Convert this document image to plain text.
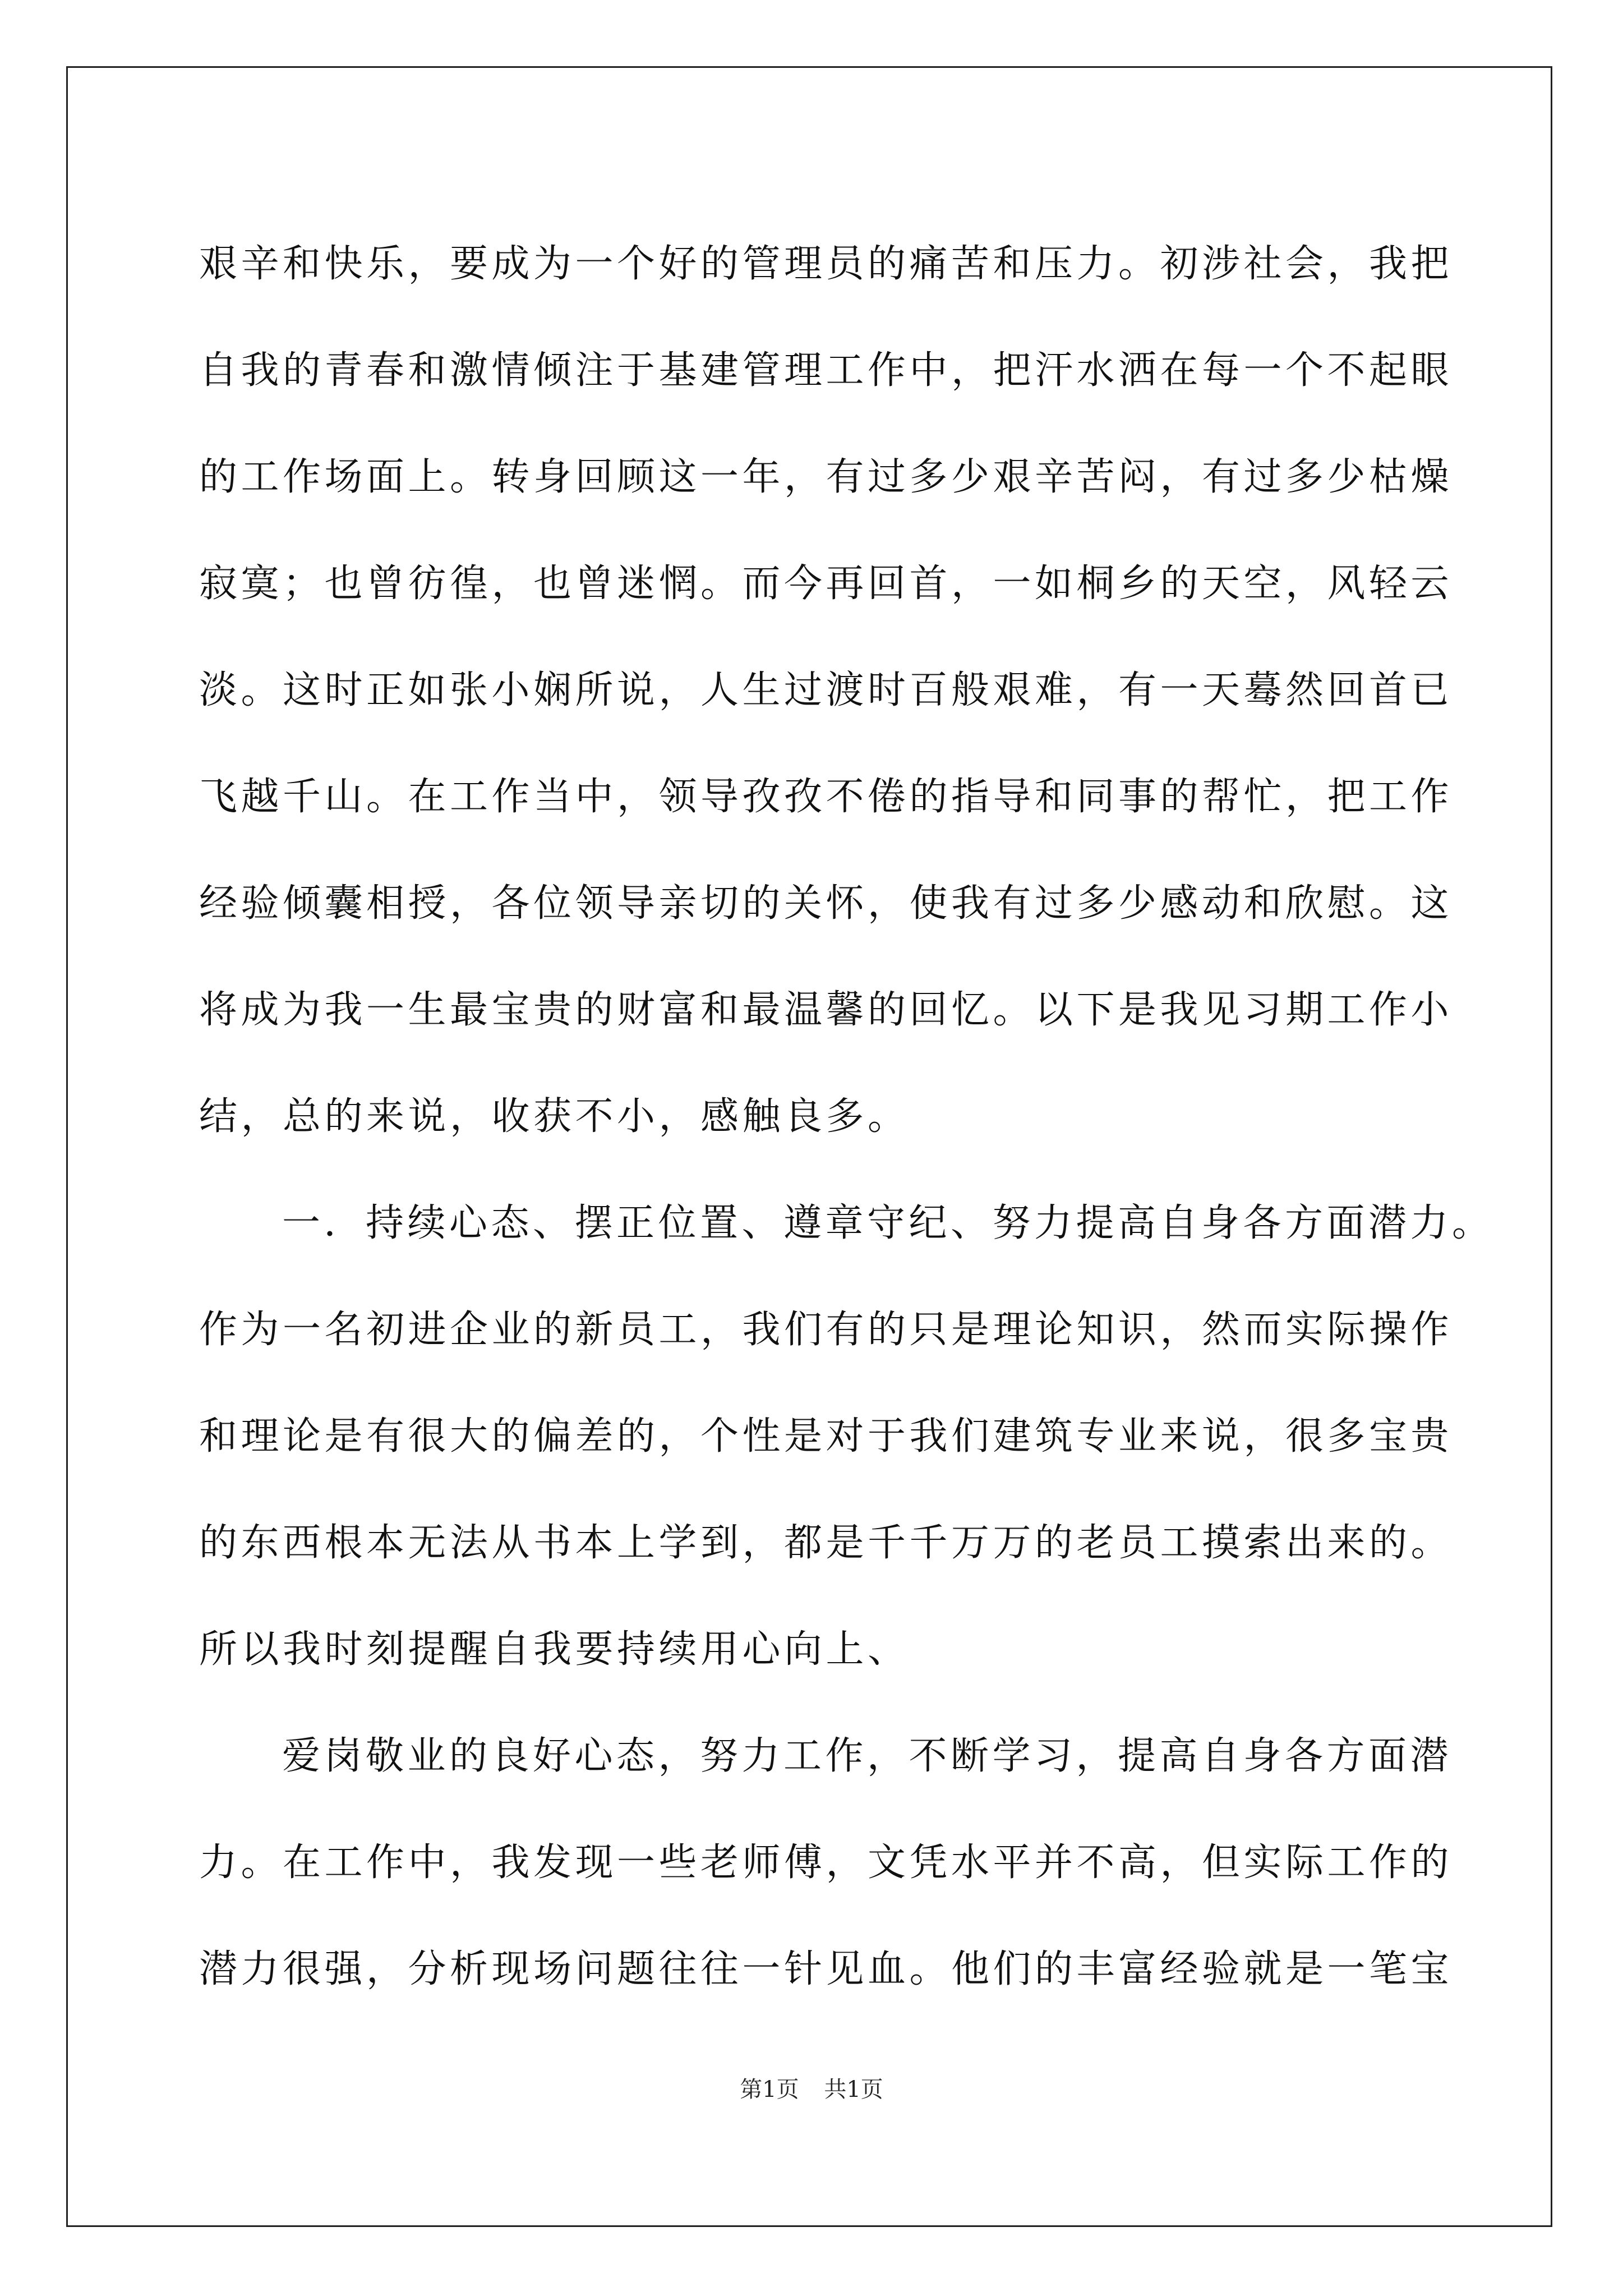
艰辛和快乐，要成为一个好的管理员的痛苦和压力。初涉社会，我把
自我的青春和激情倾注于基建管理工作中，把汗水洒在每一个不起眼
的工作场面上。转身回顾这一年，有过多少艰辛苦闷，有过多少枯燥
寂寞；也曾彷徨，也曾迷惘。而今再回首，一如桐乡的天空，风轻云
淡。这时正如张小娴所说，人生过渡时百般艰难，有一天蓦然回首已
飞越千山。在工作当中，领导孜孜不倦的指导和同事的帮忙，把工作
经验倾囊相授，各位领导亲切的关怀，使我有过多少感动和欣慰。这
将成为我一生最宝贵的财富和最温馨的回忆。以下是我见习期工作小
结，总的来说，收获不小，感触良多。
一．持续心态、摆正位置、遵章守纪、努力提高自身各方面潜力。
作为一名初进企业的新员工，我们有的只是理论知识，然而实际操作
和理论是有很大的偏差的，个性是对于我们建筑专业来说，很多宝贵
的东西根本无法从书本上学到，都是千千万万的老员工摸索出来的。
所以我时刻提醒自我要持续用心向上、
爱岗敬业的良好心态，努力工作，不断学习，提高自身各方面潜
力。在工作中，我发现一些老师傅，文凭水平并不高，但实际工作的
潜力很强，分析现场问题往往一针见血。他们的丰富经验就是一笔宝
第1页 共1页
